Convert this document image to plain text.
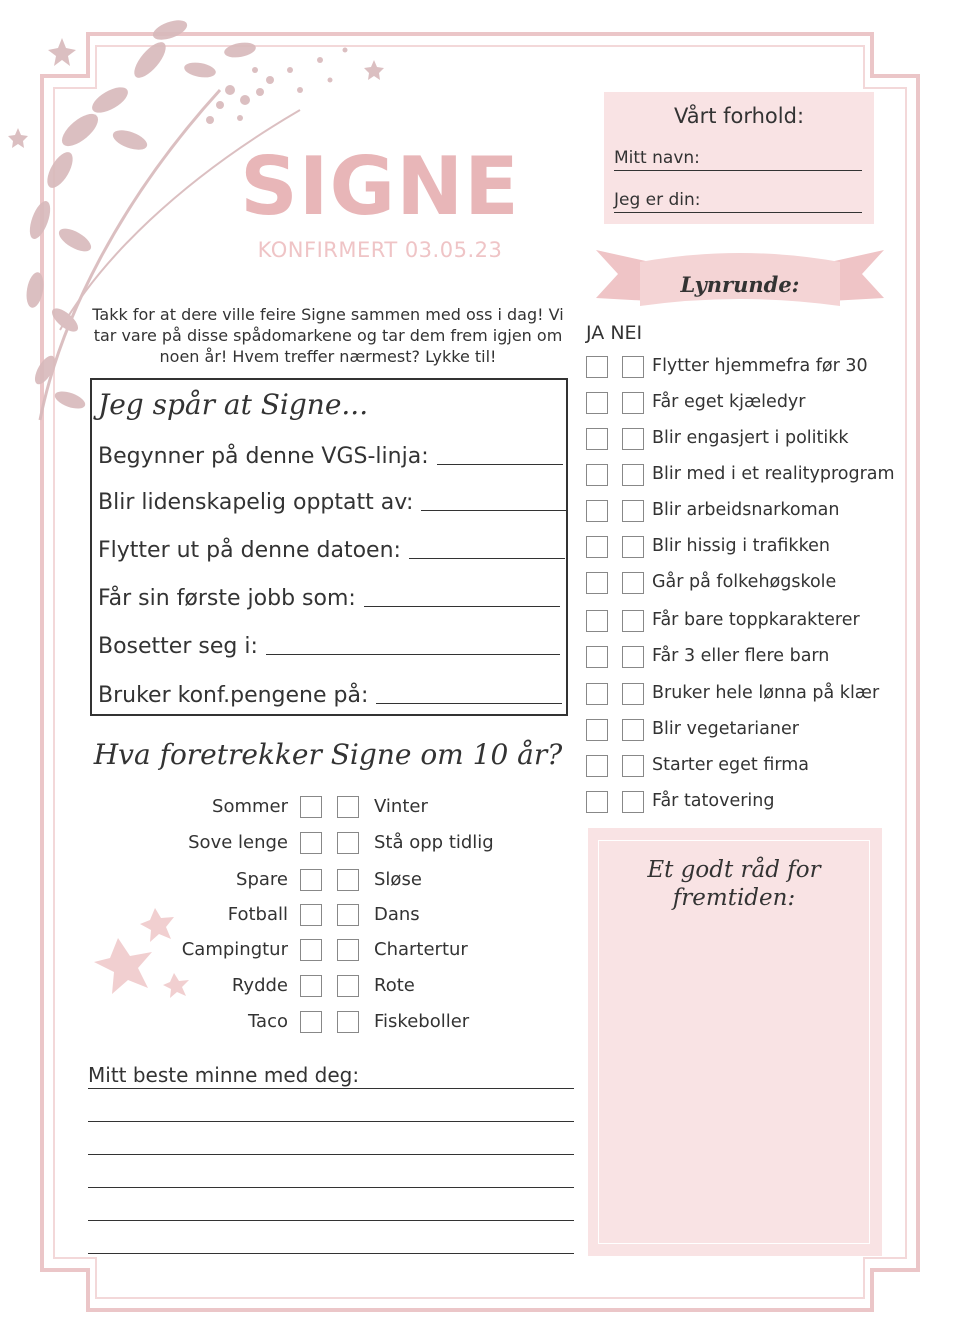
SIGNE
KONFIRMERT 03.05.23
Takk for at dere ville feire Signe sammen med oss i dag! Vi tar vare på disse spådomarkene og tar dem frem igjen om noen år! Hvem treffer nærmest? Lykke til!
Jeg spår at Signe...
Begynner på denne VGS-linja:
Blir lidenskapelig opptatt av:
Flytter ut på denne datoen:
Får sin første jobb som:
Bosetter seg i:
Bruker konf.pengene på:
Hva foretrekker Signe om 10 år?
Sommer	Vinter
Sove lenge	Stå opp tidlig
Spare	Sløse
Fotball	Dans
Campingtur	Chartertur
Rydde	Rote
Taco	Fiskeboller
Mitt beste minne med deg:
Vårt forhold:
Mitt navn:
Jeg er din:
Lynrunde:
JA NEI
Flytter hjemmefra før 30
Får eget kjæledyr
Blir engasjert i politikk
Blir med i et realityprogram
Blir arbeidsnarkoman
Blir hissig i trafikken
Går på folkehøgskole
Får bare toppkarakterer
Får 3 eller flere barn
Bruker hele lønna på klær
Blir vegetarianer
Starter eget firma
Får tatovering
Et godt råd for fremtiden:
